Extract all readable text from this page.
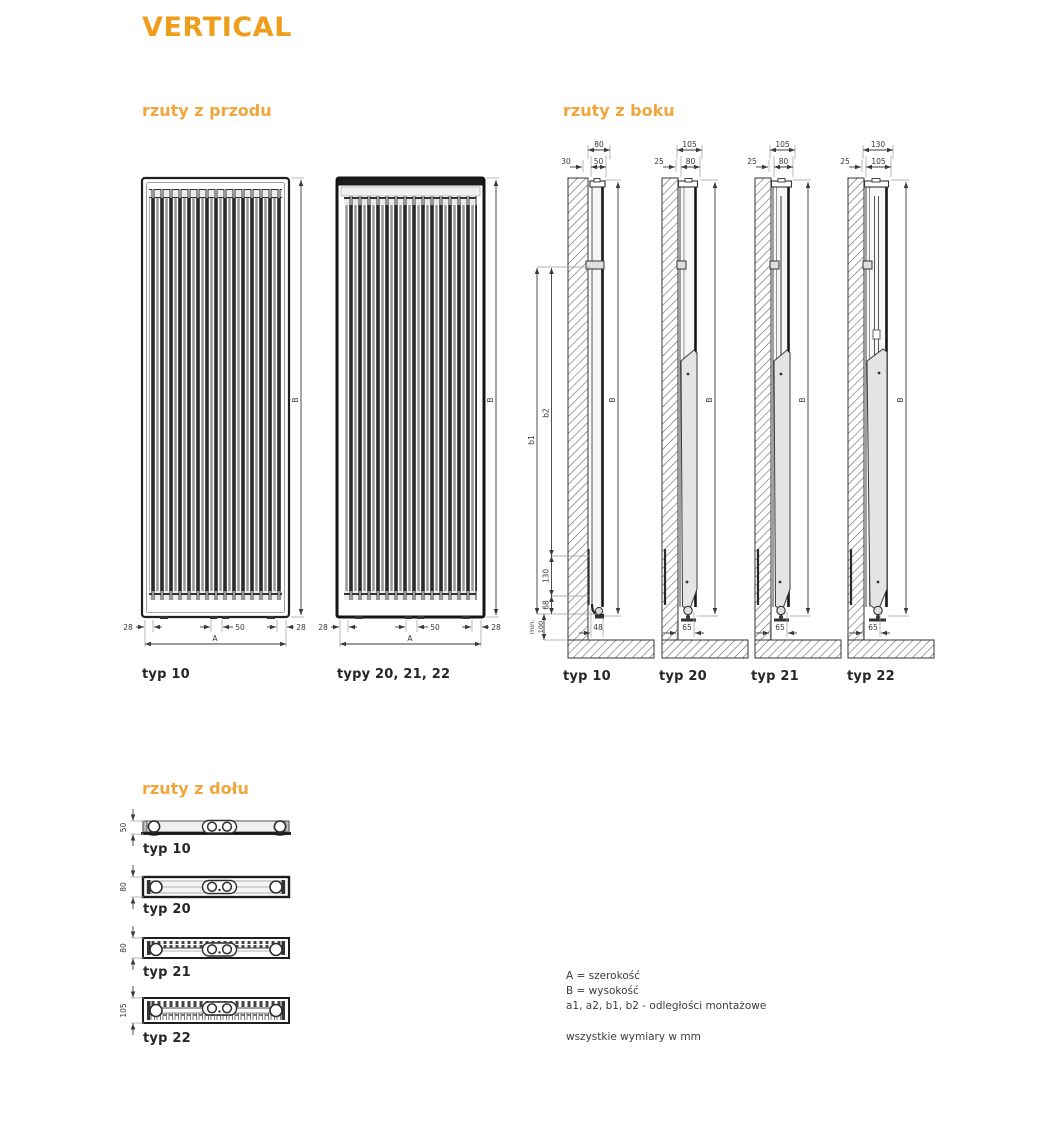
B
28	50	28
A
B
28	50	28
A
80
30	50
B
b1
b2
130
68
min. 100	48
105
25	80
B
65
105
25	80
B
65
130
25	105
B
65
50
80
80
105
VERTICAL
rzuty z przodu	rzuty z boku
rzuty z dołu
typ 10	typy 20, 21, 22	typ 10	typ 20	typ 21	typ 22
typ 10
typ 20
typ 21
typ 22
A = szerokość
B = wysokość
a1, a2, b1, b2 - odległości montażowe
wszystkie wymiary w mm
